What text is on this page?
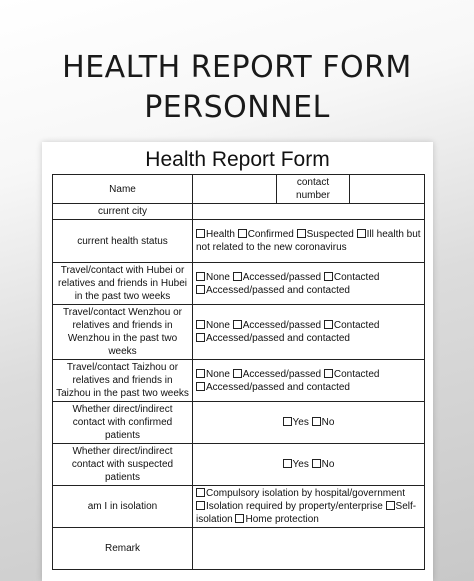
HEALTH REPORT FORM
PERSONNEL
Health Report Form
Name		contact number	
current city			
current health status	Health Confirmed Suspected Ill health but not related to the new coronavirus		
Travel/contact with Hubei or relatives and friends in Hubei in the past two weeks	None Accessed/passed Contacted
Accessed/passed and contacted		
Travel/contact Wenzhou or relatives and friends in Wenzhou in the past two weeks	None Accessed/passed Contacted
Accessed/passed and contacted		
Travel/contact Taizhou or relatives and friends in Taizhou in the past two weeks	None Accessed/passed Contacted
Accessed/passed and contacted		
Whether direct/indirect contact with confirmed patients	Yes No		
Whether direct/indirect contact with suspected patients	Yes No		
am I in isolation	Compulsory isolation by hospital/government
Isolation required by property/enterprise Self-isolation Home protection		
Remark			
